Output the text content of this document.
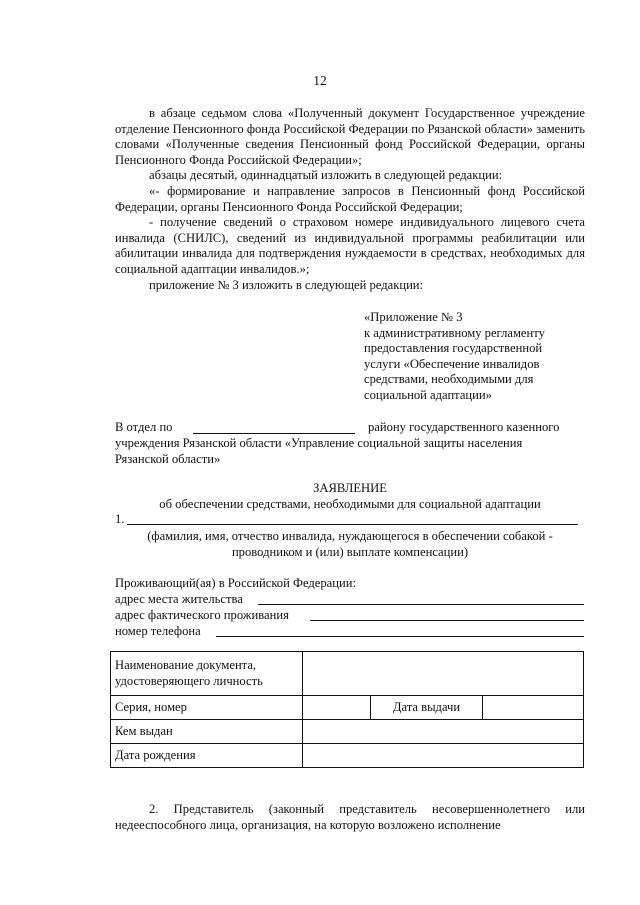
12

в абзаце седьмом слова «Полученный документ Государственное учреждение отделение Пенсионного фонда Российской Федерации по Рязанской области» заменить словами «Полученные сведения Пенсионный фонд Российской Федерации, органы Пенсионного Фонда Российской Федерации»;

абзацы десятый, одиннадцатый изложить в следующей редакции:

«- формирование и направление запросов в Пенсионный фонд Российской Федерации, органы Пенсионного Фонда Российской Федерации;

- получение сведений о страховом номере индивидуального лицевого счета инвалида (СНИЛС), сведений из индивидуальной программы реабилитации или абилитации инвалида для подтверждения нуждаемости в средствах, необходимых для социальной адаптации инвалидов.»;

приложение № 3 изложить в следующей редакции:

«Приложение № 3
к административному регламенту
предоставления государственной
услуги «Обеспечение инвалидов
средствами, необходимыми для
социальной адаптации»
В отдел по	району государственного казенного
учреждения Рязанской области «Управление социальной защиты населения
Рязанской области»
ЗАЯВЛЕНИЕ
об обеспечении средствами, необходимыми для социальной адаптации
1.
(фамилия, имя, отчество инвалида, нуждающегося в обеспечении собакой -
проводником и (или) выплате компенсации)
Проживающий(ая) в Российской Федерации:
адрес места жительства
адрес фактического проживания
номер телефона
Наименование документа, удостоверяющего личность			
Серия, номер		Дата выдачи	
Кем выдан			
Дата рождения			

2. Представитель (законный представитель несовершеннолетнего или недееспособного лица, организация, на которую возложено исполнение
